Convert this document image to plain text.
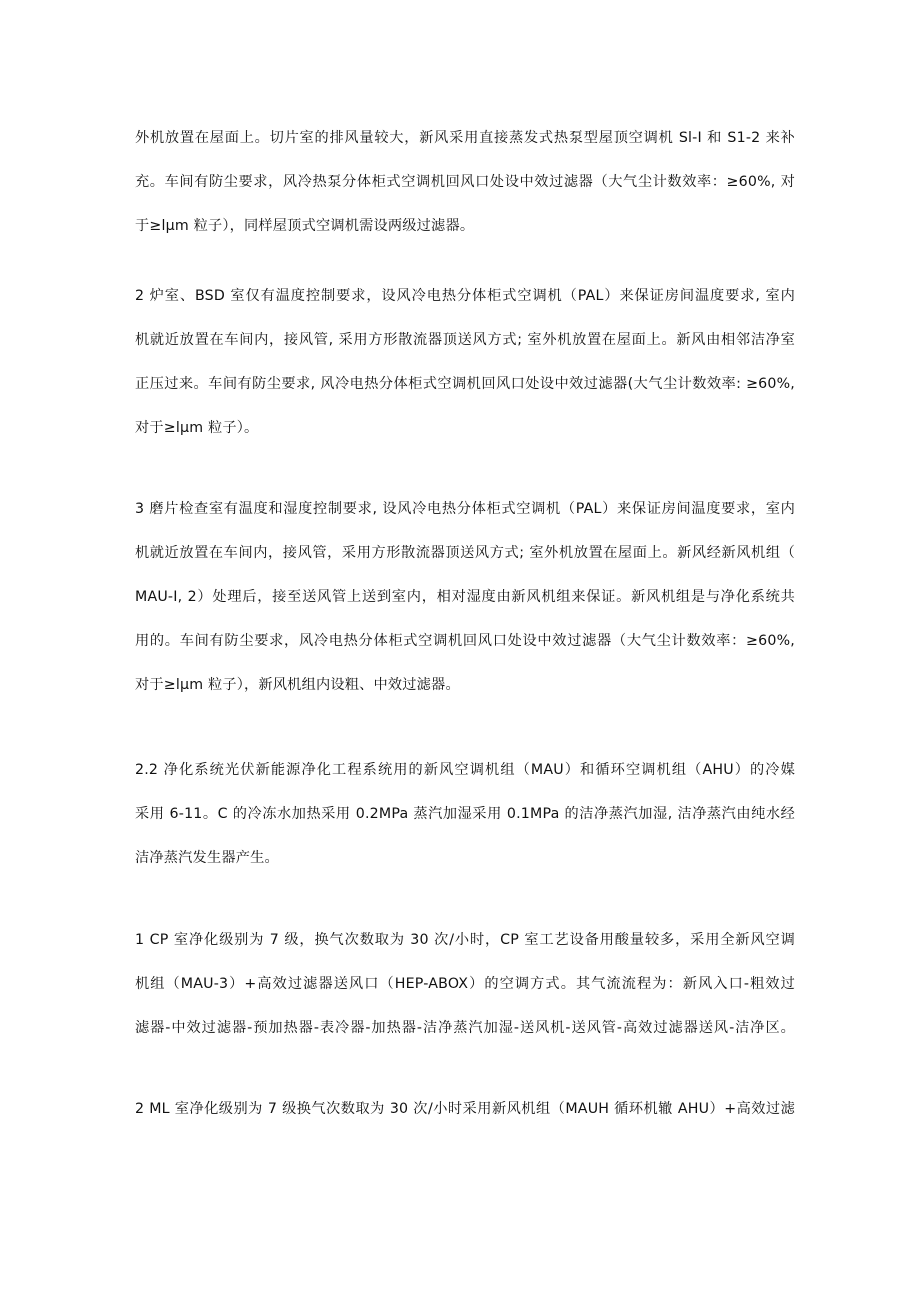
外机放置在屋面上。切片室的排风量较大，新风采用直接蒸发式热泵型屋顶空调机 Sl-I 和 S1-2 来补
充。车间有防尘要求，风冷热泵分体柜式空调机回风口处设中效过滤器（大气尘计数效率：≥60%, 对
于≥lμm 粒子），同样屋顶式空调机需设两级过滤器。
2 炉室、BSD 室仅有温度控制要求，设风冷电热分体柜式空调机（PAL）来保证房间温度要求, 室内
机就近放置在车间内，接风管, 采用方形散流器顶送风方式; 室外机放置在屋面上。新风由相邻洁净室
正压过来。车间有防尘要求, 风冷电热分体柜式空调机回风口处设中效过滤器(大气尘计数效率: ≥60%,
对于≥lμm 粒子）。
3 磨片检查室有温度和湿度控制要求, 设风冷电热分体柜式空调机（PAL）来保证房间温度要求，室内
机就近放置在车间内，接风管，采用方形散流器顶送风方式; 室外机放置在屋面上。新风经新风机组（
MAU-I, 2）处理后，接至送风管上送到室内，相对湿度由新风机组来保证。新风机组是与净化系统共
用的。车间有防尘要求，风冷电热分体柜式空调机回风口处设中效过滤器（大气尘计数效率：≥60%,
对于≥lμm 粒子），新风机组内设粗、中效过滤器。
2.2 净化系统光伏新能源净化工程系统用的新风空调机组（MAU）和循环空调机组（AHU）的冷媒
采用 6-11。C 的冷冻水加热采用 0.2MPa 蒸汽加湿采用 0.1MPa 的洁净蒸汽加湿, 洁净蒸汽由纯水经
洁净蒸汽发生器产生。
1 CP 室净化级别为 7 级，换气次数取为 30 次/小时，CP 室工艺设备用酸量较多，采用全新风空调
机组（MAU-3）+高效过滤器送风口（HEP-ABOX）的空调方式。其气流流程为：新风入口-粗效过
滤器-中效过滤器-预加热器-表冷器-加热器-洁净蒸汽加湿-送风机-送风管-高效过滤器送风-洁净区。
2 ML 室净化级别为 7 级换气次数取为 30 次/小时采用新风机组（MAUH 循环机辙 AHU）+高效过滤
